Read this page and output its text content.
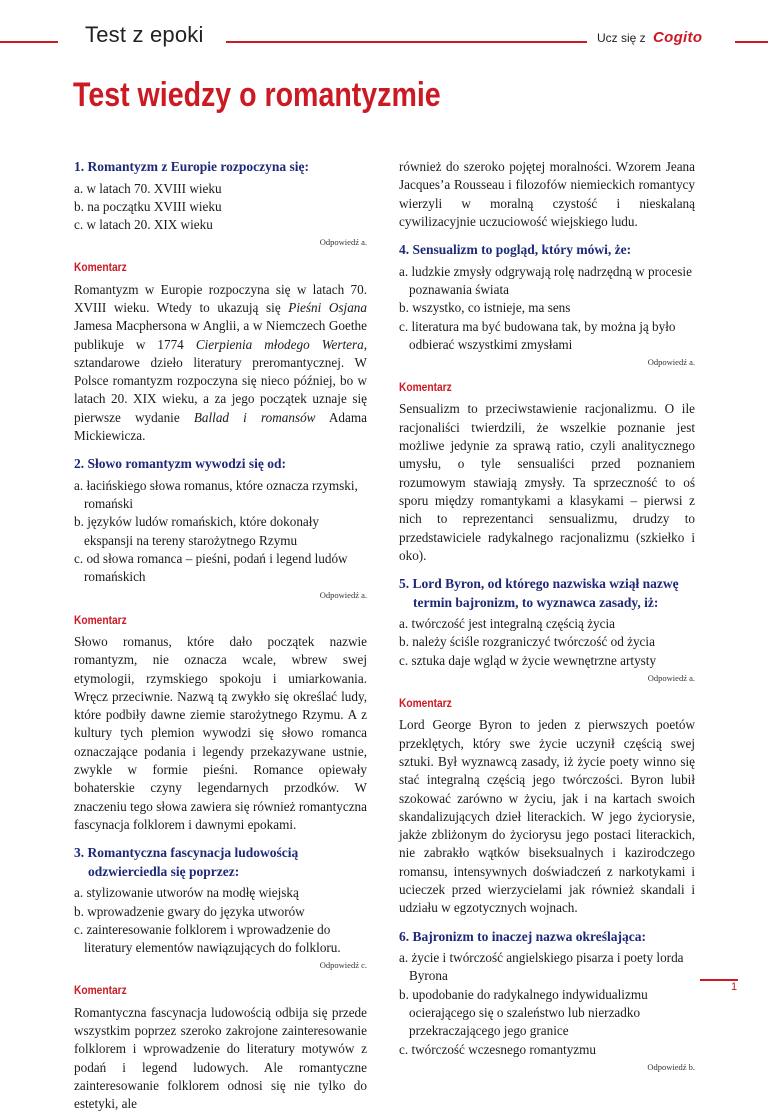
Test z epoki	Ucz się z Cogito
Test wiedzy o romantyzmie

1. Romantyzm z Europie rozpoczyna się:

a. w latach 70. XVIII wieku
b. na początku XVIII wieku
c. w latach 20. XIX wieku
Odpowiedź a.
Komentarz

Romantyzm w Europie rozpoczyna się w latach 70. XVIII wieku. Wtedy to ukazują się Pieśni Osjana Jamesa Macphersona w Anglii, a w Niemczech Goethe publikuje w 1774 Cierpienia młodego Wertera, sztandarowe dzieło literatury preromantycznej. W Polsce romantyzm rozpoczyna się nieco później, bo w latach 20. XIX wieku, a za jego początek uznaje się pierwsze wydanie Ballad i romansów Adama Mickiewicza.

2. Słowo romantyzm wywodzi się od:

a. łacińskiego słowa romanus, które oznacza rzymski, romański
b. języków ludów romańskich, które dokonały ekspansji na tereny starożytnego Rzymu
c. od słowa romanca – pieśni, podań i legend ludów romańskich
Odpowiedź a.
Komentarz

Słowo romanus, które dało początek nazwie romantyzm, nie oznacza wcale, wbrew swej etymologii, rzymskiego spokoju i umiarkowania. Wręcz przeciwnie. Nazwą tą zwykło się określać ludy, które podbiły dawne ziemie starożytnego Rzymu. A z kultury tych plemion wywodzi się słowo romanca oznaczające podania i legendy przekazywane ustnie, zwykle w formie pieśni. Romance opiewały bohaterskie czyny legendarnych przodków. W znaczeniu tego słowa zawiera się również romantyczna fascynacja folklorem i dawnymi epokami.

3. Romantyczna fascynacja ludowością odzwierciedla się poprzez:

a. stylizowanie utworów na modłę wiejską
b. wprowadzenie gwary do języka utworów
c. zainteresowanie folklorem i wprowadzenie do literatury elementów nawiązujących do folkloru.
Odpowiedź c.
Komentarz

Romantyczna fascynacja ludowością odbija się przede wszystkim poprzez szeroko zakrojone zainteresowanie folklorem i wprowadzenie do literatury motywów z podań i legend ludowych. Ale romantyczne zainteresowanie folklorem odnosi się nie tylko do estetyki, ale

również do szeroko pojętej moralności. Wzorem Jeana Jacques’a Rousseau i filozofów niemieckich romantycy wierzyli w moralną czystość i nieskalaną cywilizacyjnie uczuciowość wiejskiego ludu.

4. Sensualizm to pogląd, który mówi, że:

a. ludzkie zmysły odgrywają rolę nadrzędną w procesie poznawania świata
b. wszystko, co istnieje, ma sens
c. literatura ma być budowana tak, by można ją było odbierać wszystkimi zmysłami
Odpowiedź a.
Komentarz

Sensualizm to przeciwstawienie racjonalizmu. O ile racjonaliści twierdzili, że wszelkie poznanie jest możliwe jedynie za sprawą ratio, czyli analitycznego umysłu, o tyle sensualiści przed poznaniem rozumowym stawiają zmysły. Ta sprzeczność to oś sporu między romantykami a klasykami – pierwsi z nich to reprezentanci sensualizmu, drudzy to przedstawiciele radykalnego racjonalizmu (szkiełko i oko).

5. Lord Byron, od którego nazwiska wziął nazwę termin bajronizm, to wyznawca zasady, iż:

a. twórczość jest integralną częścią życia
b. należy ściśle rozgraniczyć twórczość od życia
c. sztuka daje wgląd w życie wewnętrzne artysty
Odpowiedź a.
Komentarz

Lord George Byron to jeden z pierwszych poetów przeklętych, który swe życie uczynił częścią swej sztuki. Był wyznawcą zasady, iż życie poety winno się stać integralną częścią jego twórczości. Byron lubił szokować zarówno w życiu, jak i na kartach swoich skandalizujących dzieł literackich. W jego życiorysie, jakże zbliżonym do życiorysu jego postaci literackich, nie zabrakło wątków biseksualnych i kazirodczego romansu, intensywnych doświadczeń z narkotykami i ucieczek przed wierzycielami jak również skandali i udziału w egzotycznych wojnach.

6. Bajronizm to inaczej nazwa określająca:

a. życie i twórczość angielskiego pisarza i poety lorda Byrona
b. upodobanie do radykalnego indywidualizmu ocierającego się o szaleństwo lub nierzadko przekraczającego jego granice
c. twórczość wczesnego romantyzmu
Odpowiedź b.
1
